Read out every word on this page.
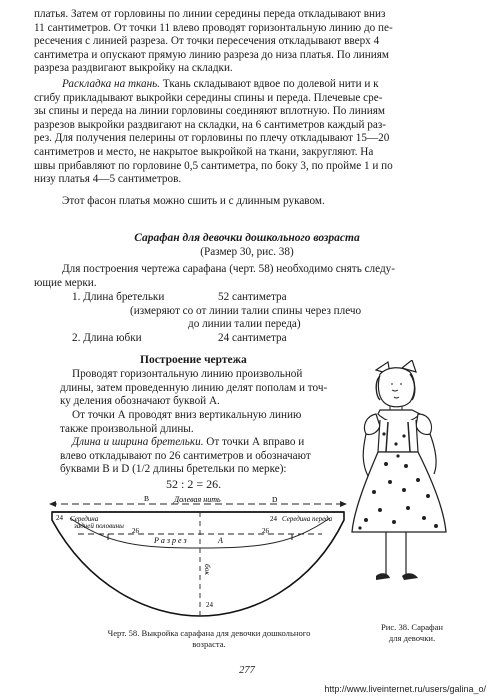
платья. Затем от горловины по линии середины переда откладывают вниз
11 сантиметров. От точки 11 влево проводят горизонтальную линию до пе-
ресечения с линией разреза. От точки пересечения откладывают вверх 4
сантиметра и опускают прямую линию разреза до низа платья. По линиям
разреза раздвигают выкройку на складки.
Раскладка на ткань. Ткань складывают вдвое по долевой нити и к
сгибу прикладывают выкройки середины спины и переда. Плечевые сре-
зы спины и переда на линии горловины соединяют вплотную. По линиям
разрезов выкройки раздвигают на складки, на 6 сантиметров каждый раз-
рез. Для получения пелерины от горловины по плечу откладывают 15—20
сантиметров и место, не накрытое выкройкой на ткани, закругляют. На
швы прибавляют по горловине 0,5 сантиметра, по боку 3, по пройме 1 и по
низу платья 4—5 сантиметров.
Этот фасон платья можно сшить и с длинным рукавом.
Сарафан для девочки дошкольного возраста
(Размер 30, рис. 38)
Для построения чертежа сарафана (черт. 58) необходимо снять следу-
ющие мерки.
1. Длина бретельки	52 сантиметра
(измеряют со от линии талии спины через плечо
до линии талии переда)
2. Длина юбки	24 сантиметра
Построение чертежа
Проводят горизонтальную линию произвольной
длины, затем проведенную линию делят пополам и точ-
ку деления обозначают буквой А.
От точки А проводят вниз вертикальную линию
также произвольной длины.
Длина и ширина бретельки. От точки А вправо и
влево откладывают по 26 сантиметров и обозначают
буквами В и D (1/2 длины бретельки по мерке):
52 : 2 = 26.
B	Долевая нить	D
24 Середина
задней половины
24 Середина переда
26	26
Р а з р е з	А
бок
24
Черт. 58. Выкройка сарафана для девочки дошкольного
возраста.
Рис. 38. Сарафан
для девочки.
277
http://www.liveinternet.ru/users/galina_o/
